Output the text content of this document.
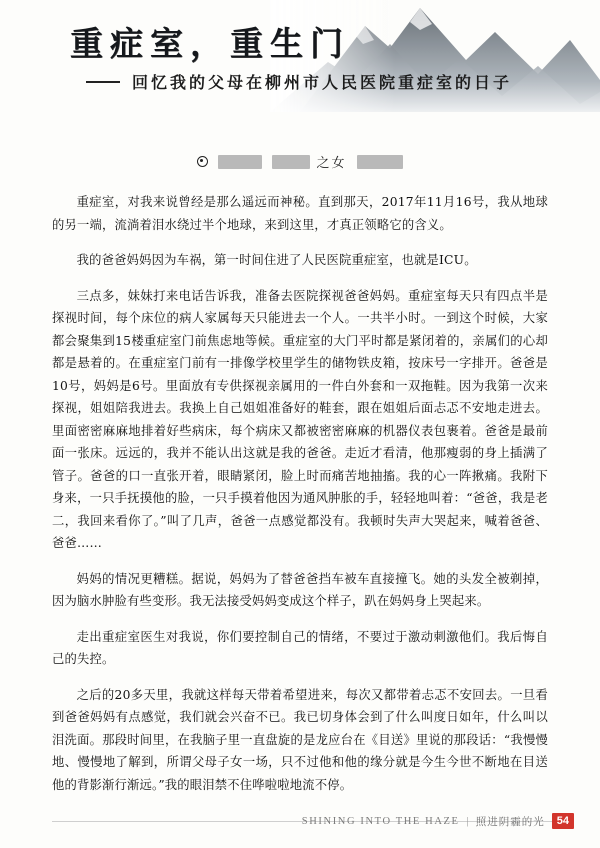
重症室，重生门
回忆我的父母在柳州市人民医院重症室的日子
之女

重症室，对我来说曾经是那么遥远而神秘。直到那天，2017年11月16号，我从地球的另一端，流淌着泪水绕过半个地球，来到这里，才真正领略它的含义。

我的爸爸妈妈因为车祸，第一时间住进了人民医院重症室，也就是ICU。

三点多，妹妹打来电话告诉我，准备去医院探视爸爸妈妈。重症室每天只有四点半是探视时间，每个床位的病人家属每天只能进去一个人。一共半小时。一到这个时候，大家都会聚集到15楼重症室门前焦虑地等候。重症室的大门平时都是紧闭着的，亲属们的心却都是悬着的。在重症室门前有一排像学校里学生的储物铁皮箱，按床号一字排开。爸爸是10号，妈妈是6号。里面放有专供探视亲属用的一件白外套和一双拖鞋。因为我第一次来探视，姐姐陪我进去。我换上自己姐姐准备好的鞋套，跟在姐姐后面忐忑不安地走进去。里面密密麻麻地排着好些病床，每个病床又都被密密麻麻的机器仪表包裹着。爸爸是最前面一张床。远远的，我并不能认出这就是我的爸爸。走近才看清，他那瘦弱的身上插满了管子。爸爸的口一直张开着，眼睛紧闭，脸上时而痛苦地抽搐。我的心一阵揪痛。我附下身来，一只手抚摸他的脸，一只手摸着他因为通风肿胀的手，轻轻地叫着：“爸爸，我是老二，我回来看你了。”叫了几声，爸爸一点感觉都没有。我顿时失声大哭起来，喊着爸爸、爸爸……

妈妈的情况更糟糕。据说，妈妈为了替爸爸挡车被车直接撞飞。她的头发全被剃掉，因为脑水肿脸有些变形。我无法接受妈妈变成这个样子，趴在妈妈身上哭起来。

走出重症室医生对我说，你们要控制自己的情绪，不要过于激动刺激他们。我后悔自己的失控。

之后的20多天里，我就这样每天带着希望进来，每次又都带着忐忑不安回去。一旦看到爸爸妈妈有点感觉，我们就会兴奋不已。我已切身体会到了什么叫度日如年，什么叫以泪洗面。那段时间里，在我脑子里一直盘旋的是龙应台在《目送》里说的那段话：“我慢慢地、慢慢地了解到，所谓父母子女一场，只不过他和他的缘分就是今生今世不断地在目送他的背影渐行渐远。”我的眼泪禁不住哗啦啦地流不停。

SHINING INTO THE HAZE | 照进阴霾的光	54
